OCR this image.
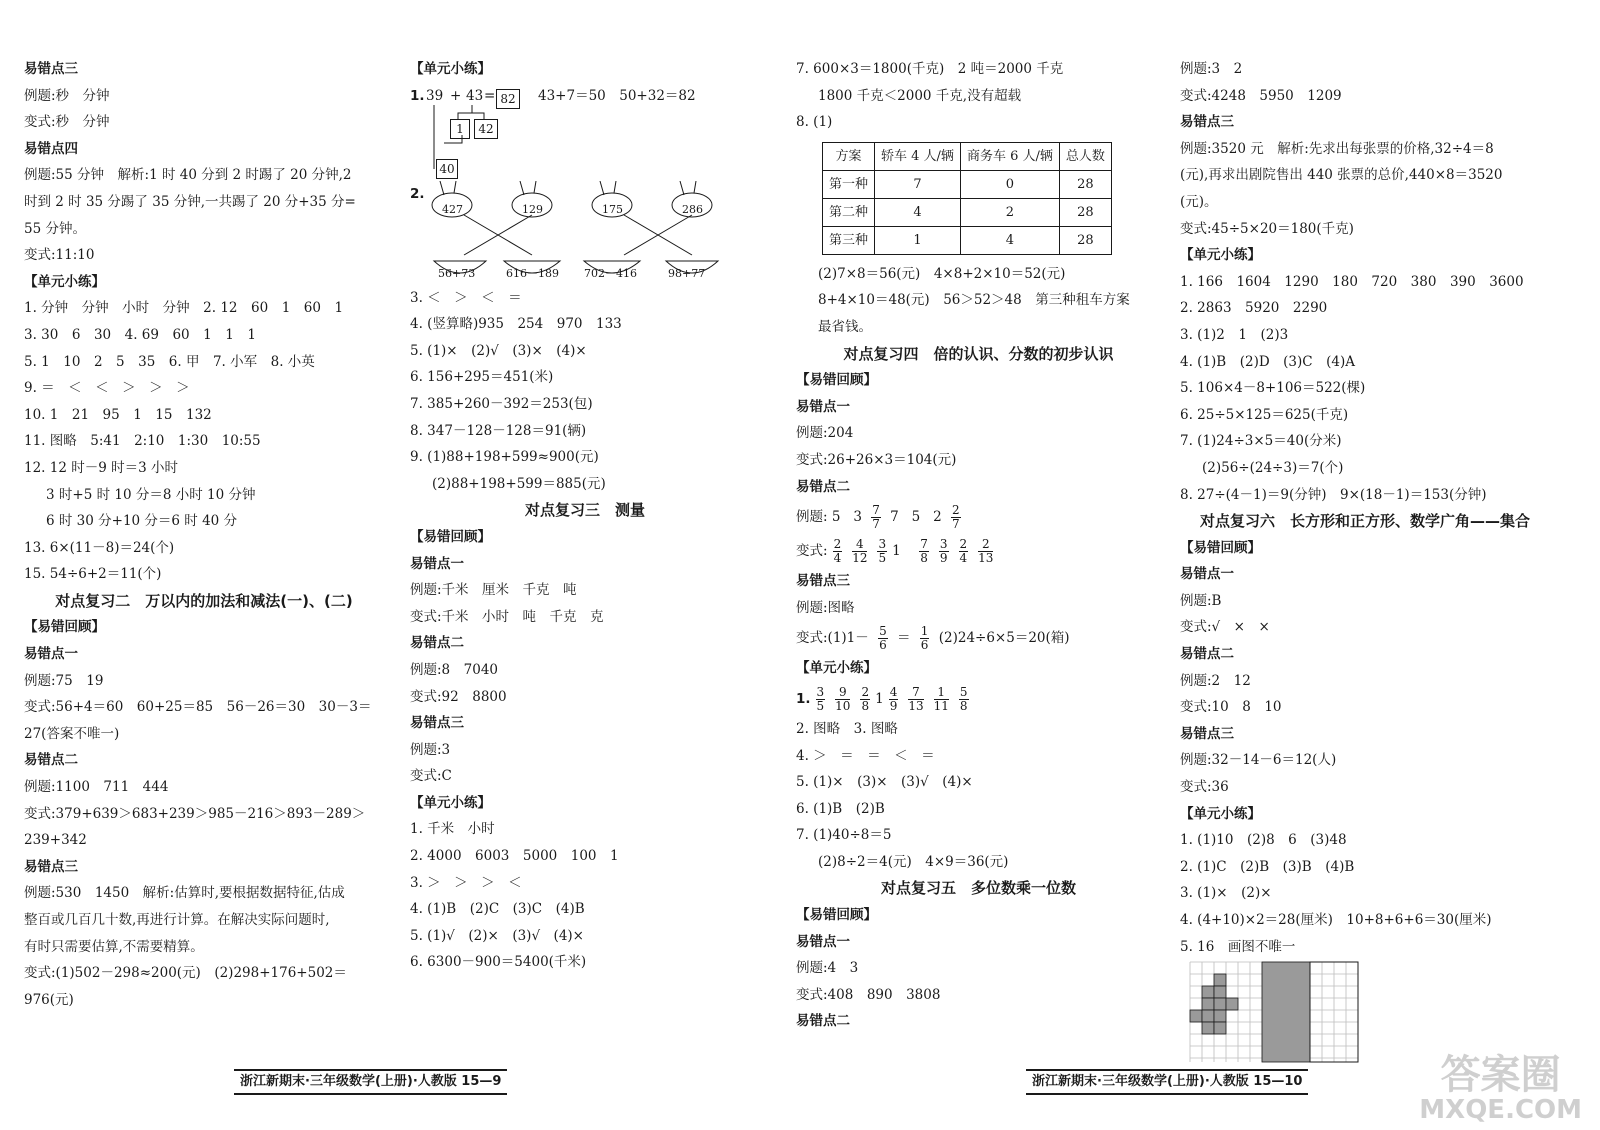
易错点三
例题:秒　分钟
变式:秒　分钟
易错点四
例题:55 分钟　解析:1 时 40 分到 2 时踢了 20 分钟,2
时到 2 时 35 分踢了 35 分钟,一共踢了 20 分+35 分=
55 分钟。
变式:11:10
【单元小练】
1. 分钟　分钟　小时　分钟　2. 12　60　1　60　1
3. 30　6　30　4. 69　60　1　1　1
5. 1　10　2　5　35　6. 甲　7. 小军　8. 小英
9. ＝　＜　＜　＞　＞　＞
10. 1　21　95　1　15　132
11. 图略　5:41　2:10　1:30　10:55
12. 12 时－9 时＝3 小时
3 时+5 时 10 分＝8 小时 10 分钟
6 时 30 分+10 分＝6 时 40 分
13. 6×(11－8)＝24(个)
15. 54÷6+2＝11(个)
对点复习二　万以内的加法和减法(一)、(二)
【易错回顾】
易错点一
例题:75　19
变式:56+4＝60　60+25＝85　56－26＝30　30－3＝
27(答案不唯一)
易错点二
例题:1100　711　444
变式:379+639＞683+239＞985－216＞893－289＞
239+342
易错点三
例题:530　1450　解析:估算时,要根据数据特征,估成
整百或几百几十数,再进行计算。在解决实际问题时,
有时只需要估算,不需要精算。
变式:(1)502－298≈200(元)　(2)298+176+502＝
976(元)
【单元小练】
1. 39 + 43 = 82
1	42
40
43+7＝50　50+32＝82
2.
427	129	175	286
56+73	616－189 702－416	98+77
3. ＜　＞　＜　＝
4. (竖算略)935　254　970　133
5. (1)×　(2)√　(3)×　(4)×
6. 156+295＝451(米)
7. 385+260－392＝253(包)
8. 347－128－128＝91(辆)
9. (1)88+198+599≈900(元)
(2)88+198+599＝885(元)
对点复习三　测量
【易错回顾】
易错点一
例题:千米　厘米　千克　吨
变式:千米　小时　吨　千克　克
易错点二
例题:8　7040
变式:92　8800
易错点三
例题:3
变式:C
【单元小练】
1. 千米　小时
2. 4000　6003　5000　100　1
3. ＞　＞　＞　＜
4. (1)B　(2)C　(3)C　(4)B
5. (1)√　(2)×　(3)√　(4)×
6. 6300－900＝5400(千米)
7. 600×3＝1800(千克)　2 吨＝2000 千克
1800 千克＜2000 千克,没有超载
8. (1)
方案	轿车 4 人/辆	商务车 6 人/辆	总人数
第一种	7	0	28
第二种	4	2	28
第三种	1	4	28
(2)7×8＝56(元)　4×8+2×10＝52(元)
8+4×10＝48(元)　56＞52＞48　第三种租车方案
最省钱。
对点复习四　倍的认识、分数的初步认识
【易错回顾】
易错点一
例题:204
变式:26+26×3＝104(元)
易错点二
例题: 5 $3 \frac{7}{7} 7$ 5 $2 \frac{2}{7}$
变式: $\frac{2}{4} \frac{4}{12} \frac{3}{5} 1$  $\frac{7}{8} \frac{3}{9} \frac{2}{4} \frac{2}{13}$
易错点三
例题:图略
变式:(1)1－ $\frac{5}{6} = \frac{1}{6} (2)24\div 6\times 5=20$(箱)
【单元小练】
1. $\frac{3}{5} \frac{9}{10} \frac{2}{8} 1 \frac{4}{9} \frac{7}{13} \frac{1}{11} \frac{5}{8}$
2. 图略　3. 图略
4. ＞　＝　＝　＜　＝
5. (1)×　(3)×　(3)√　(4)×
6. (1)B　(2)B
7. (1)40÷8＝5
(2)8÷2＝4(元)　4×9＝36(元)
对点复习五　多位数乘一位数
【易错回顾】
易错点一
例题:4　3
变式:408　890　3808
易错点二
例题:3　2
变式:4248　5950　1209
易错点三
例题:3520 元　解析:先求出每张票的价格,32÷4＝8
(元),再求出剧院售出 440 张票的总价,440×8＝3520
(元)。
变式:45÷5×20＝180(千克)
【单元小练】
1. 166　1604　1290　180　720　380　390　3600
2. 2863　5920　2290
3. (1)2　1　(2)3
4. (1)B　(2)D　(3)C　(4)A
5. 106×4－8+106＝522(棵)
6. 25÷5×125＝625(千克)
7. (1)24÷3×5＝40(分米)
(2)56÷(24÷3)＝7(个)
8. 27÷(4－1)＝9(分钟)　9×(18－1)＝153(分钟)
对点复习六　长方形和正方形、数学广角——集合
【易错回顾】
易错点一
例题:B
变式:√　×　×
易错点二
例题:2　12
变式:10　8　10
易错点三
例题:32－14－6＝12(人)
变式:36
【单元小练】
1. (1)10　(2)8　6　(3)48
2. (1)C　(2)B　(3)B　(4)B
3. (1)×　(2)×
4. (4+10)×2＝28(厘米)　10+8+6+6＝30(厘米)
5. 16　画图不唯一
浙江新期末·三年级数学(上册)·人教版 15—9	浙江新期末·三年级数学(上册)·人教版 15—10	答案圈
MXQE.COM
